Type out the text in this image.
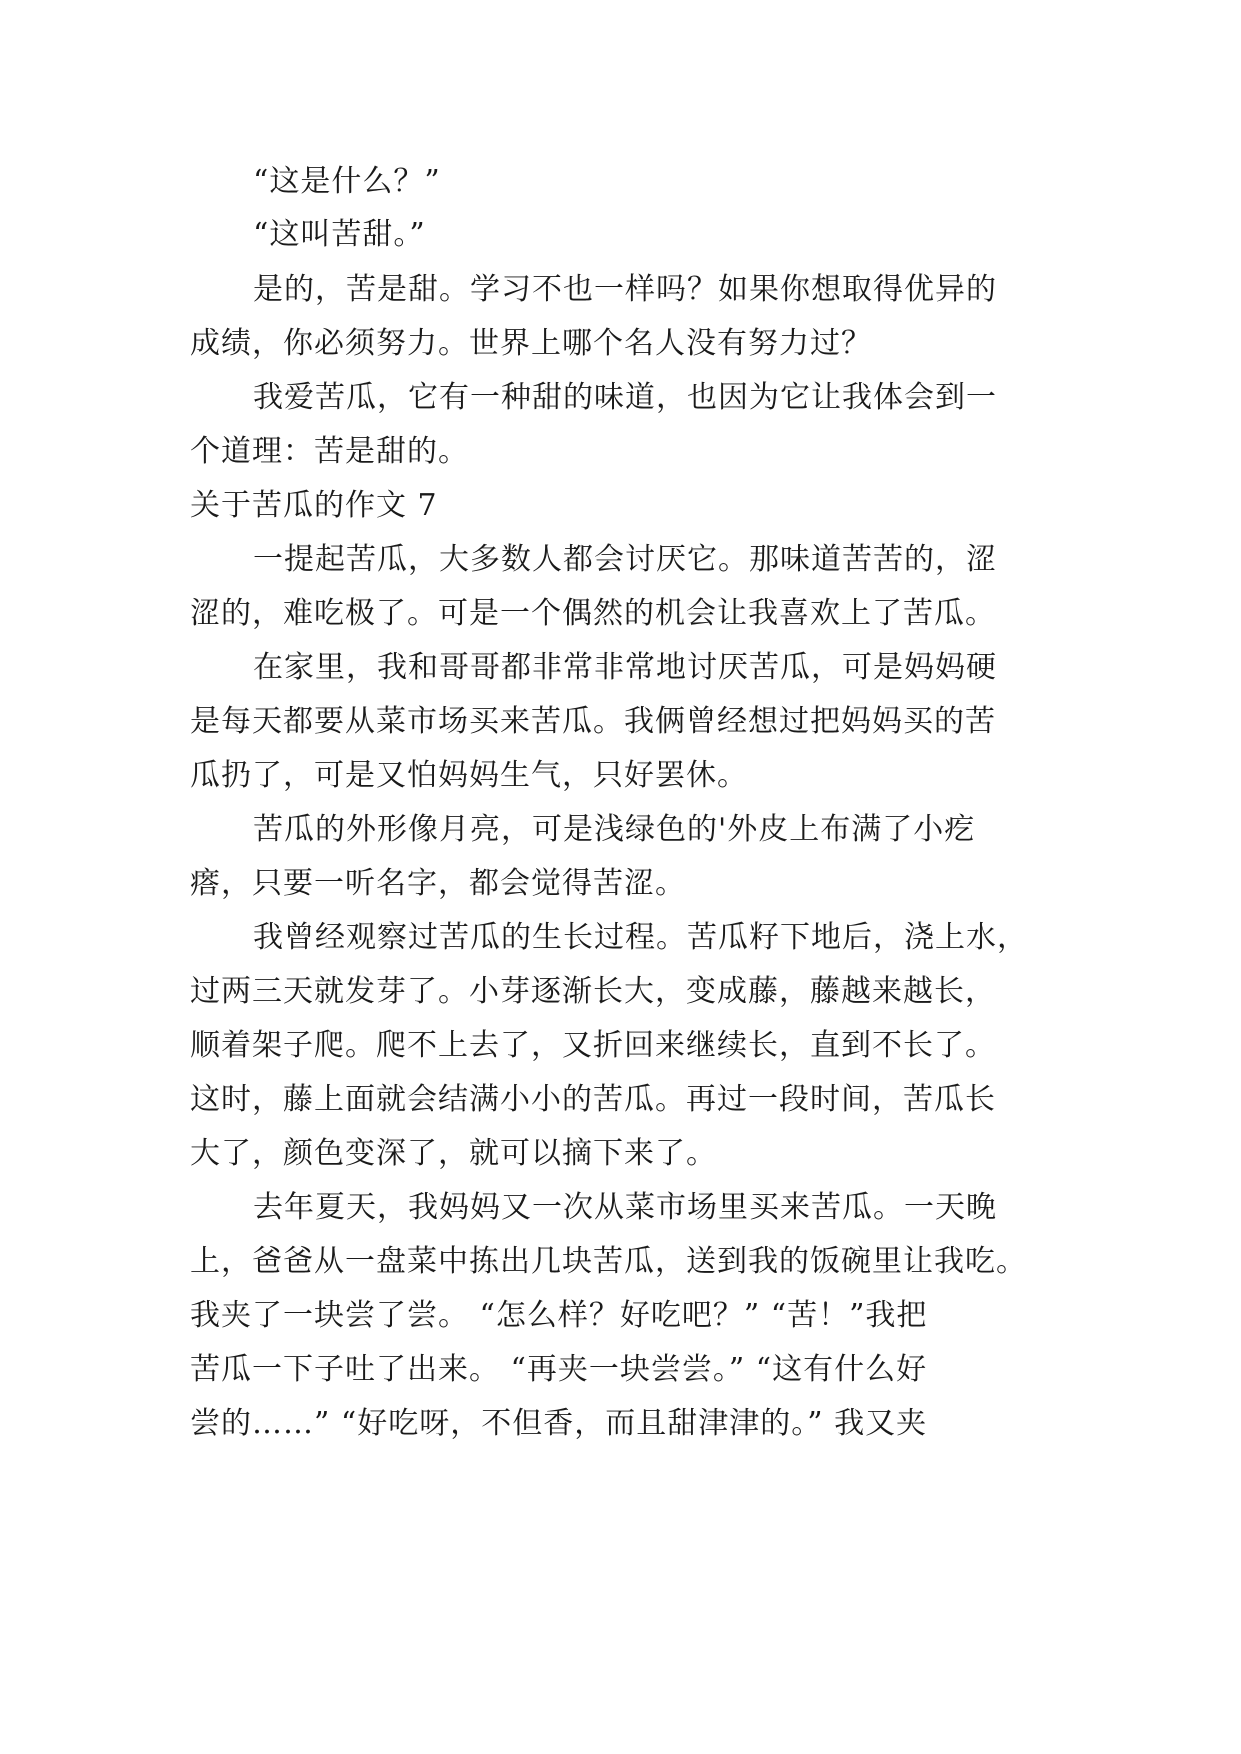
“这是什么？”
“这叫苦甜。”
是的，苦是甜。学习不也一样吗？如果你想取得优异的
成绩，你必须努力。世界上哪个名人没有努力过？
我爱苦瓜，它有一种甜的味道，也因为它让我体会到一
个道理：苦是甜的。
关于苦瓜的作文 7
一提起苦瓜，大多数人都会讨厌它。那味道苦苦的，涩
涩的，难吃极了。可是一个偶然的机会让我喜欢上了苦瓜。
在家里，我和哥哥都非常非常地讨厌苦瓜，可是妈妈硬
是每天都要从菜市场买来苦瓜。我俩曾经想过把妈妈买的苦
瓜扔了，可是又怕妈妈生气，只好罢休。
苦瓜的外形像月亮，可是浅绿色的'外皮上布满了小疙
瘩，只要一听名字，都会觉得苦涩。
我曾经观察过苦瓜的生长过程。苦瓜籽下地后，浇上水，
过两三天就发芽了。小芽逐渐长大，变成藤，藤越来越长，
顺着架子爬。爬不上去了，又折回来继续长，直到不长了。
这时，藤上面就会结满小小的苦瓜。再过一段时间，苦瓜长
大了，颜色变深了，就可以摘下来了。
去年夏天，我妈妈又一次从菜市场里买来苦瓜。一天晚
上，爸爸从一盘菜中拣出几块苦瓜，送到我的饭碗里让我吃。
我夹了一块尝了尝。 “怎么样？好吃吧？” “苦！”我把
苦瓜一下子吐了出来。 “再夹一块尝尝。” “这有什么好
尝的……” “好吃呀，不但香，而且甜津津的。” 我又夹
